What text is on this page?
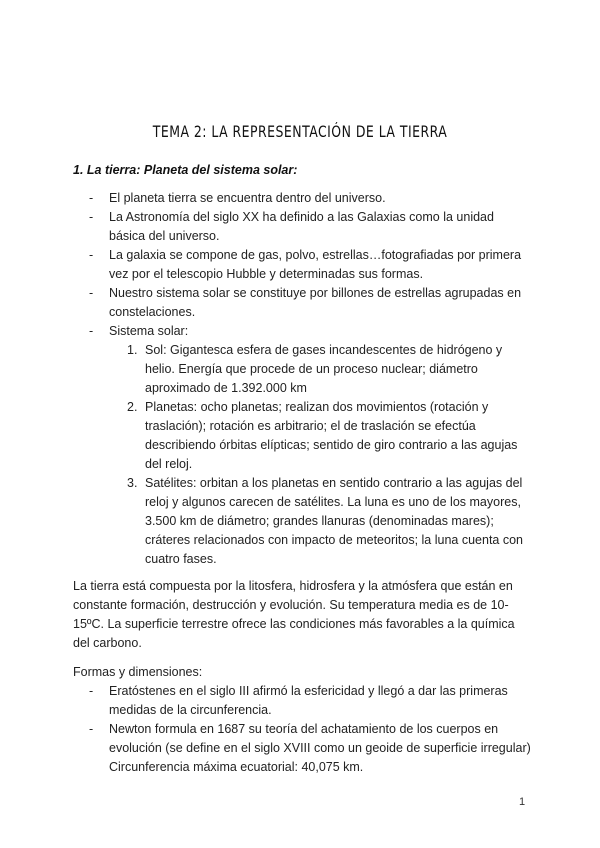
TEMA 2: LA REPRESENTACIÓN DE LA TIERRA
1. La tierra: Planeta del sistema solar:
- El planeta tierra se encuentra dentro del universo.
- La Astronomía del siglo XX ha definido a las Galaxias como la unidad básica del universo.
- La galaxia se compone de gas, polvo, estrellas…fotografiadas por primera vez por el telescopio Hubble y determinadas sus formas.
- Nuestro sistema solar se constituye por billones de estrellas agrupadas en constelaciones.
- Sistema solar:
1. Sol: Gigantesca esfera de gases incandescentes de hidrógeno y helio. Energía que procede de un proceso nuclear; diámetro aproximado de 1.392.000 km
2. Planetas: ocho planetas; realizan dos movimientos (rotación y traslación); rotación es arbitrario; el de traslación se efectúa describiendo órbitas elípticas; sentido de giro contrario a las agujas del reloj.
3. Satélites: orbitan a los planetas en sentido contrario a las agujas del reloj y algunos carecen de satélites. La luna es uno de los mayores, 3.500 km de diámetro; grandes llanuras (denominadas mares); cráteres relacionados con impacto de meteoritos; la luna cuenta con cuatro fases.
La tierra está compuesta por la litosfera, hidrosfera y la atmósfera que están en constante formación, destrucción y evolución. Su temperatura media es de 10-15ºC. La superficie terrestre ofrece las condiciones más favorables a la química del carbono.
Formas y dimensiones:
- Eratóstenes en el siglo III afirmó la esfericidad y llegó a dar las primeras medidas de la circunferencia.
- Newton formula en 1687 su teoría del achatamiento de los cuerpos en evolución (se define en el siglo XVIII como un geoide de superficie irregular) Circunferencia máxima ecuatorial: 40,075 km.
1
